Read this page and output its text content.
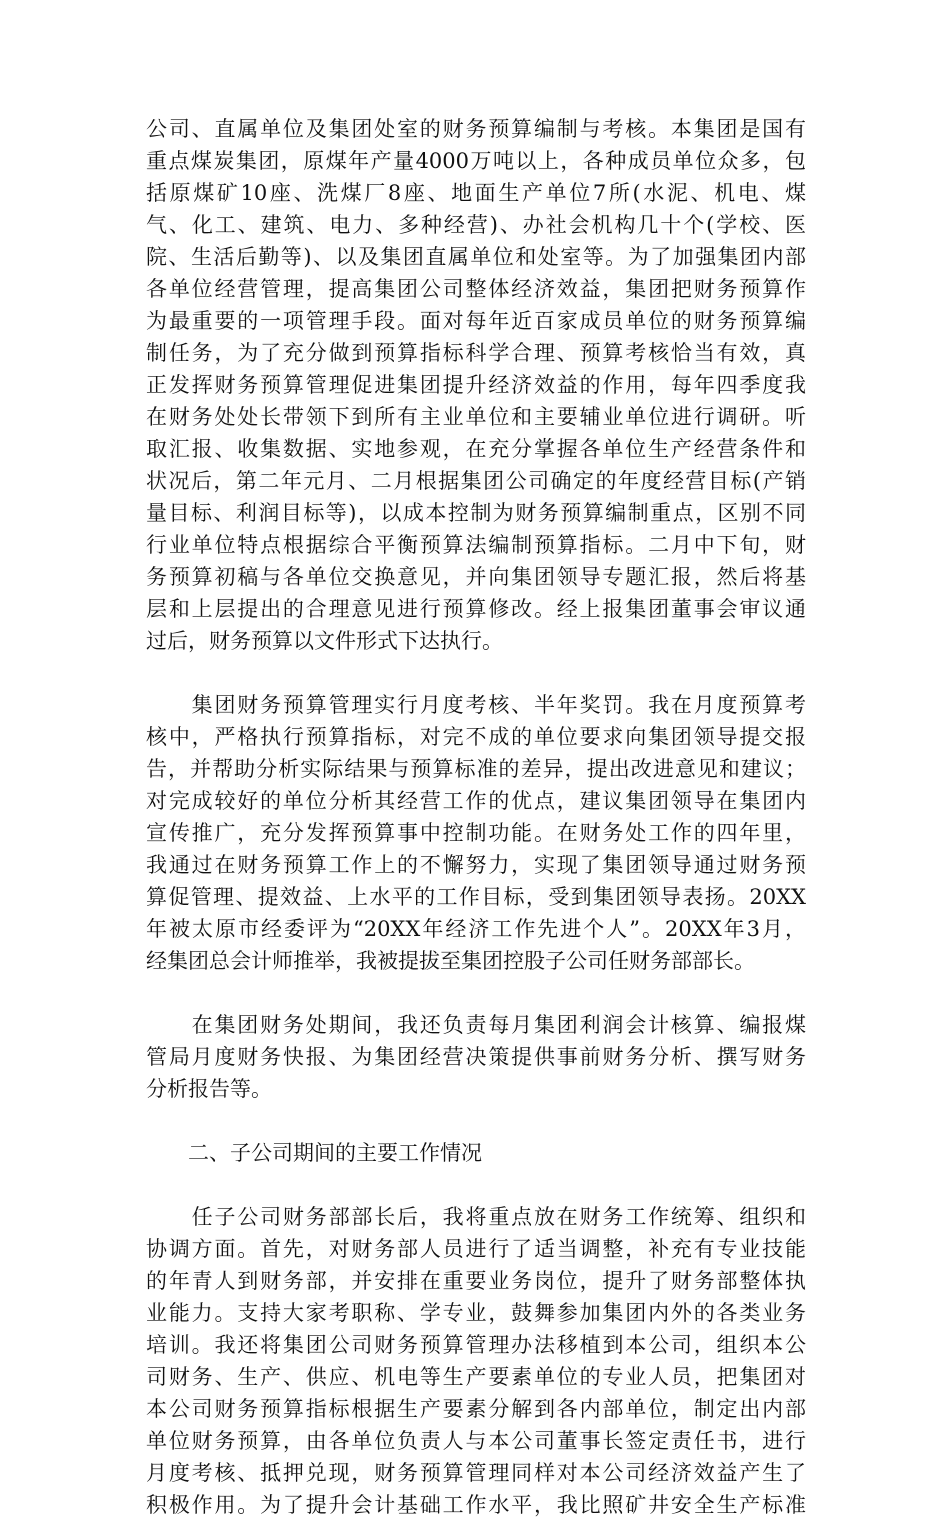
公司、直属单位及集团处室的财务预算编制与考核。本集团是国有
重点煤炭集团，原煤年产量4000万吨以上，各种成员单位众多，包
括原煤矿10座、洗煤厂8座、地面生产单位7所(水泥、机电、煤
气、化工、建筑、电力、多种经营)、办社会机构几十个(学校、医
院、生活后勤等)、以及集团直属单位和处室等。为了加强集团内部
各单位经营管理，提高集团公司整体经济效益，集团把财务预算作
为最重要的一项管理手段。面对每年近百家成员单位的财务预算编
制任务，为了充分做到预算指标科学合理、预算考核恰当有效，真
正发挥财务预算管理促进集团提升经济效益的作用，每年四季度我
在财务处处长带领下到所有主业单位和主要辅业单位进行调研。听
取汇报、收集数据、实地参观，在充分掌握各单位生产经营条件和
状况后，第二年元月、二月根据集团公司确定的年度经营目标(产销
量目标、利润目标等)，以成本控制为财务预算编制重点，区别不同
行业单位特点根据综合平衡预算法编制预算指标。二月中下旬，财
务预算初稿与各单位交换意见，并向集团领导专题汇报，然后将基
层和上层提出的合理意见进行预算修改。经上报集团董事会审议通
过后，财务预算以文件形式下达执行。
　　集团财务预算管理实行月度考核、半年奖罚。我在月度预算考
核中，严格执行预算指标，对完不成的单位要求向集团领导提交报
告，并帮助分析实际结果与预算标准的差异，提出改进意见和建议；
对完成较好的单位分析其经营工作的优点，建议集团领导在集团内
宣传推广，充分发挥预算事中控制功能。在财务处工作的四年里，
我通过在财务预算工作上的不懈努力，实现了集团领导通过财务预
算促管理、提效益、上水平的工作目标，受到集团领导表扬。20XX
年被太原市经委评为“20XX年经济工作先进个人”。20XX年3月，
经集团总会计师推举，我被提拔至集团控股子公司任财务部部长。
　　在集团财务处期间，我还负责每月集团利润会计核算、编报煤
管局月度财务快报、为集团经营决策提供事前财务分析、撰写财务
分析报告等。
二、子公司期间的主要工作情况
　　任子公司财务部部长后，我将重点放在财务工作统筹、组织和
协调方面。首先，对财务部人员进行了适当调整，补充有专业技能
的年青人到财务部，并安排在重要业务岗位，提升了财务部整体执
业能力。支持大家考职称、学专业，鼓舞参加集团内外的各类业务
培训。我还将集团公司财务预算管理办法移植到本公司，组织本公
司财务、生产、供应、机电等生产要素单位的专业人员，把集团对
本公司财务预算指标根据生产要素分解到各内部单位，制定出内部
单位财务预算，由各单位负责人与本公司董事长签定责任书，进行
月度考核、抵押兑现，财务预算管理同样对本公司经济效益产生了
积极作用。为了提升会计基础工作水平，我比照矿井安全生产标准
